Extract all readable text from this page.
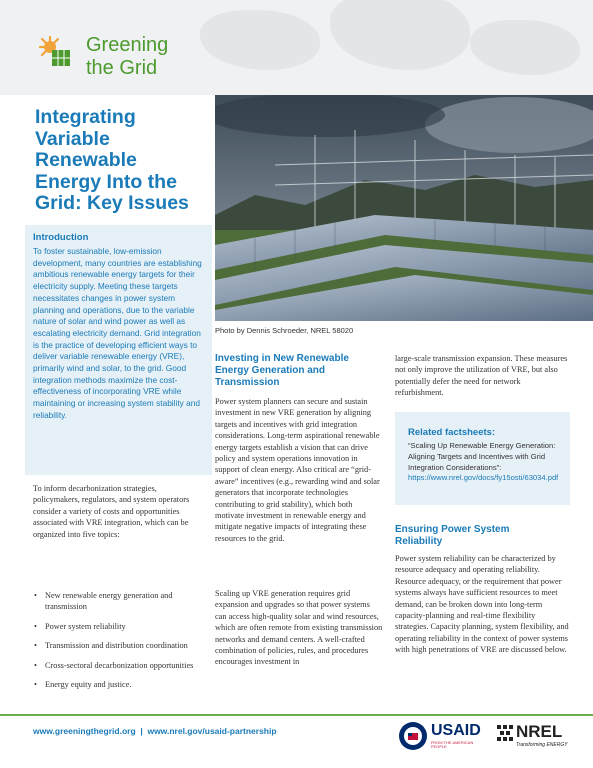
Greening
the Grid
Integrating
Variable
Renewable
Energy Into the
Grid: Key Issues
Photo by Dennis Schroeder, NREL 58020
Introduction
To foster sustainable, low-emission development, many countries are establishing ambitious renewable energy targets for their electricity supply. Meeting these targets necessitates changes in power system planning and operations, due to the variable nature of solar and wind power as well as escalating electricity demand. Grid integration is the practice of developing efficient ways to deliver variable renewable energy (VRE), primarily wind and solar, to the grid. Good integration methods maximize the cost-effectiveness of incorporating VRE while maintaining or increasing system stability and reliability.
To inform decarbonization strategies, policymakers, regulators, and system operators consider a variety of costs and opportunities associated with VRE integration, which can be organized into five topics:
• New renewable energy generation and transmission
• Power system reliability
• Transmission and distribution coordination
• Cross-sectoral decarbonization opportunities
• Energy equity and justice.
Investing in New Renewable Energy Generation and Transmission
Power system planners can secure and sustain investment in new VRE generation by aligning targets and incentives with grid integration considerations. Long-term aspirational renewable energy targets establish a vision that can drive policy and system operations innovation in support of clean energy. Also critical are “grid-aware” incentives (e.g., rewarding wind and solar generators that incorporate technologies contributing to grid stability), which both motivate investment in renewable energy and mitigate negative impacts of integrating these resources to the grid.
Scaling up VRE generation requires grid expansion and upgrades so that power systems can access high-quality solar and wind resources, which are often remote from existing transmission networks and demand centers. A well-crafted combination of policies, rules, and procedures encourages investment in
large-scale transmission expansion. These measures not only improve the utilization of VRE, but also potentially defer the need for network refurbishment.
Related factsheets:
“Scaling Up Renewable Energy Generation: Aligning Targets and Incentives with Grid Integration Considerations”: https://www.nrel.gov/docs/fy15osti/63034.pdf
Ensuring Power System Reliability
Power system reliability can be characterized by resource adequacy and operating reliability. Resource adequacy, or the requirement that power systems always have sufficient resources to meet demand, can be broken down into long-term capacity-planning and real-time flexibility strategies. Capacity planning, system flexibility, and operating reliability in the context of power systems with high penetrations of VRE are discussed below.
www.greeningthegrid.org  |  www.nrel.gov/usaid-partnership	USAID
FROM THE AMERICAN PEOPLE
NREL
Transforming ENERGY
